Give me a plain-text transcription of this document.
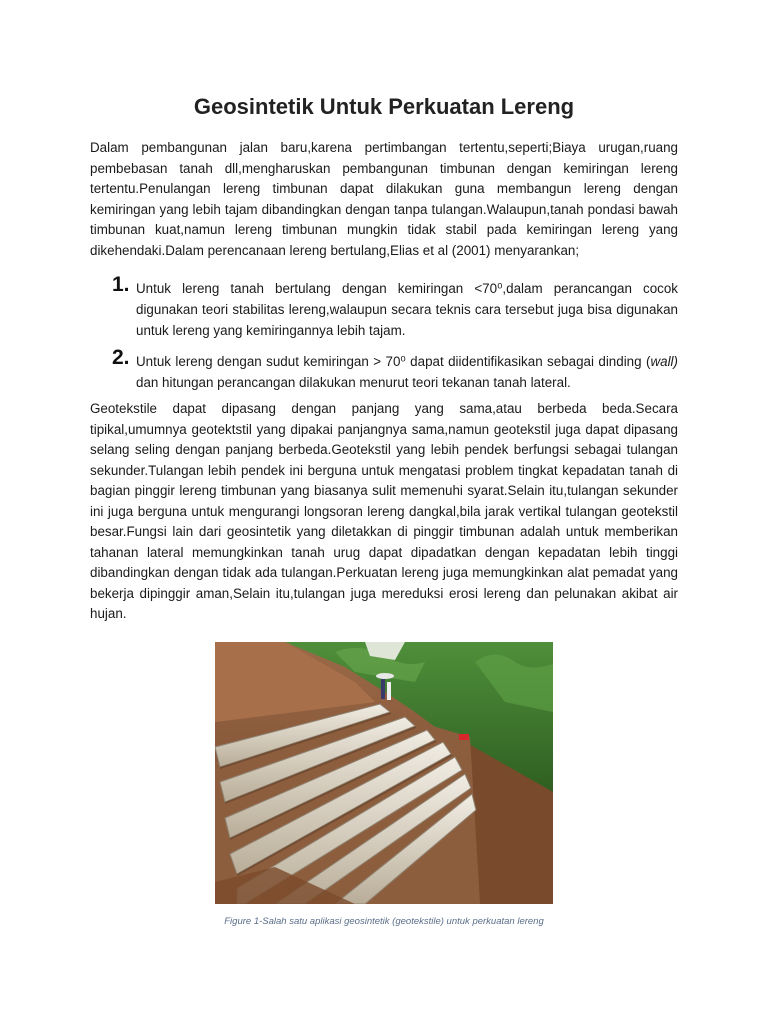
Geosintetik Untuk Perkuatan Lereng

Dalam pembangunan jalan baru,karena pertimbangan tertentu,seperti;Biaya urugan,ruang pembebasan tanah dll,mengharuskan pembangunan timbunan dengan kemiringan lereng tertentu.Penulangan lereng timbunan dapat dilakukan guna membangun lereng dengan kemiringan yang lebih tajam dibandingkan dengan tanpa tulangan.Walaupun,tanah pondasi bawah timbunan kuat,namun lereng timbunan mungkin tidak stabil pada kemiringan lereng yang dikehendaki.Dalam perencanaan lereng bertulang,Elias et al (2001) menyarankan;

1. Untuk lereng tanah bertulang dengan kemiringan <70⁰,dalam perancangan cocok digunakan teori stabilitas lereng,walaupun secara teknis cara tersebut juga bisa digunakan untuk lereng yang kemiringannya lebih tajam.
2. Untuk lereng dengan sudut kemiringan > 70⁰ dapat diidentifikasikan sebagai dinding (wall) dan hitungan perancangan dilakukan menurut teori tekanan tanah lateral.

Geotekstile dapat dipasang dengan panjang yang sama,atau berbeda beda.Secara tipikal,umumnya geotektstil yang dipakai panjangnya sama,namun geotekstil juga dapat dipasang selang seling dengan panjang berbeda.Geotekstil yang lebih pendek berfungsi sebagai tulangan sekunder.Tulangan lebih pendek ini berguna untuk mengatasi problem tingkat kepadatan tanah di bagian pinggir lereng timbunan yang biasanya sulit memenuhi syarat.Selain itu,tulangan sekunder ini juga berguna untuk mengurangi longsoran lereng dangkal,bila jarak vertikal tulangan geotekstil besar.Fungsi lain dari geosintetik yang diletakkan di pinggir timbunan adalah untuk memberikan tahanan lateral memungkinkan tanah urug dapat dipadatkan dengan kepadatan lebih tinggi dibandingkan dengan tidak ada tulangan.Perkuatan lereng juga memungkinkan alat pemadat yang bekerja dipinggir aman,Selain itu,tulangan juga mereduksi erosi lereng dan pelunakan akibat air hujan.

Figure 1-Salah satu aplikasi geosintetik (geotekstile) untuk perkuatan lereng
